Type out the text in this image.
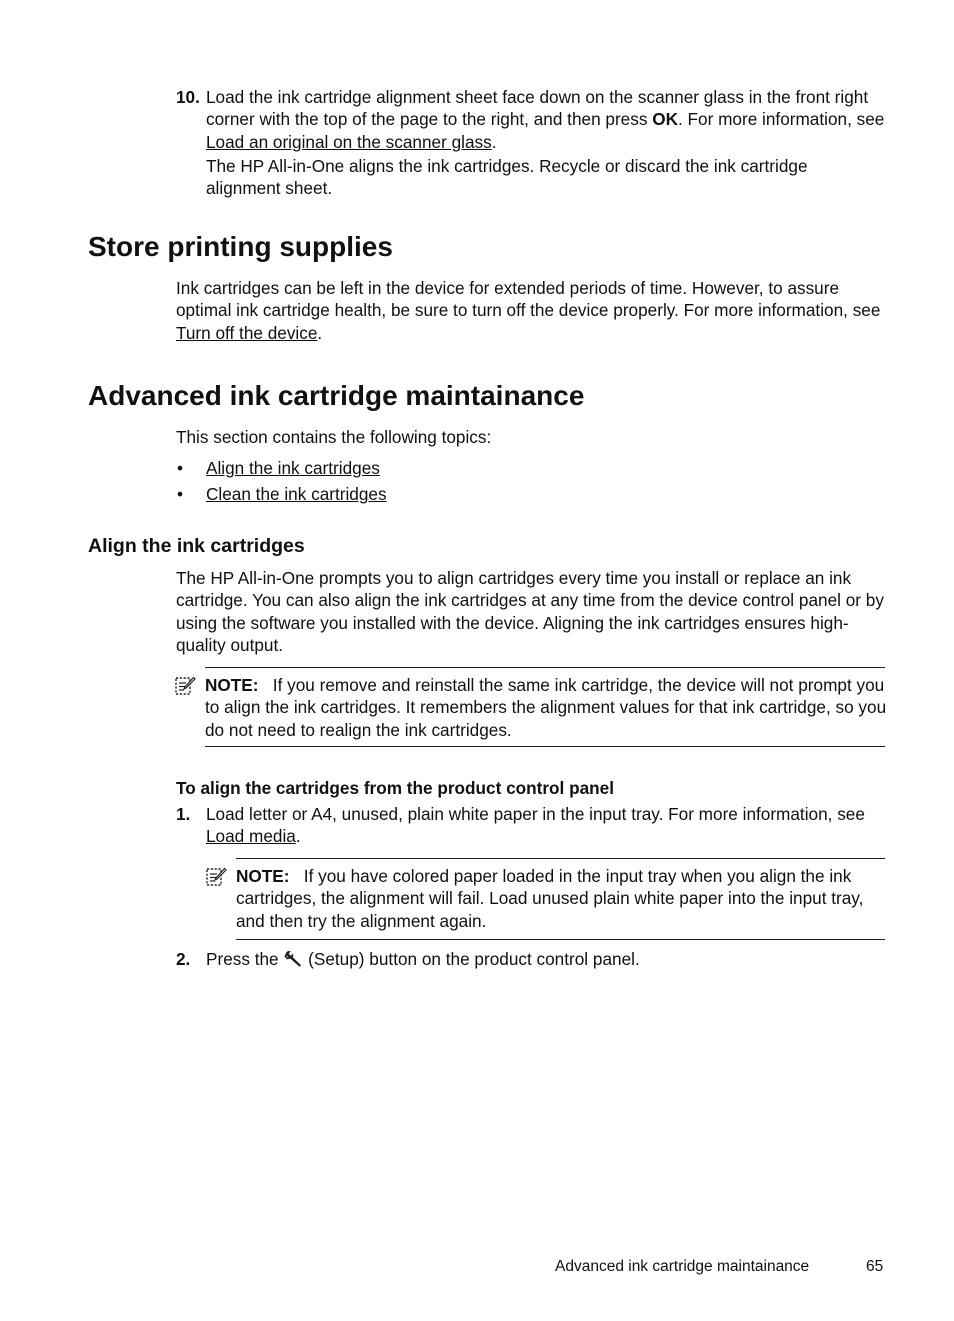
10. Load the ink cartridge alignment sheet face down on the scanner glass in the front right corner with the top of the page to the right, and then press OK. For more information, see Load an original on the scanner glass.
The HP All-in-One aligns the ink cartridges. Recycle or discard the ink cartridge alignment sheet.
Store printing supplies
Ink cartridges can be left in the device for extended periods of time. However, to assure optimal ink cartridge health, be sure to turn off the device properly. For more information, see Turn off the device.
Advanced ink cartridge maintainance
This section contains the following topics:
• Align the ink cartridges
• Clean the ink cartridges
Align the ink cartridges
The HP All-in-One prompts you to align cartridges every time you install or replace an ink cartridge. You can also align the ink cartridges at any time from the device control panel or by using the software you installed with the device. Aligning the ink cartridges ensures high-quality output.
NOTE: If you remove and reinstall the same ink cartridge, the device will not prompt you to align the ink cartridges. It remembers the alignment values for that ink cartridge, so you do not need to realign the ink cartridges.
To align the cartridges from the product control panel
1. Load letter or A4, unused, plain white paper in the input tray. For more information, see Load media.
NOTE: If you have colored paper loaded in the input tray when you align the ink cartridges, the alignment will fail. Load unused plain white paper into the input tray, and then try the alignment again.
2. Press the  (Setup) button on the product control panel.
Advanced ink cartridge maintainance	65
